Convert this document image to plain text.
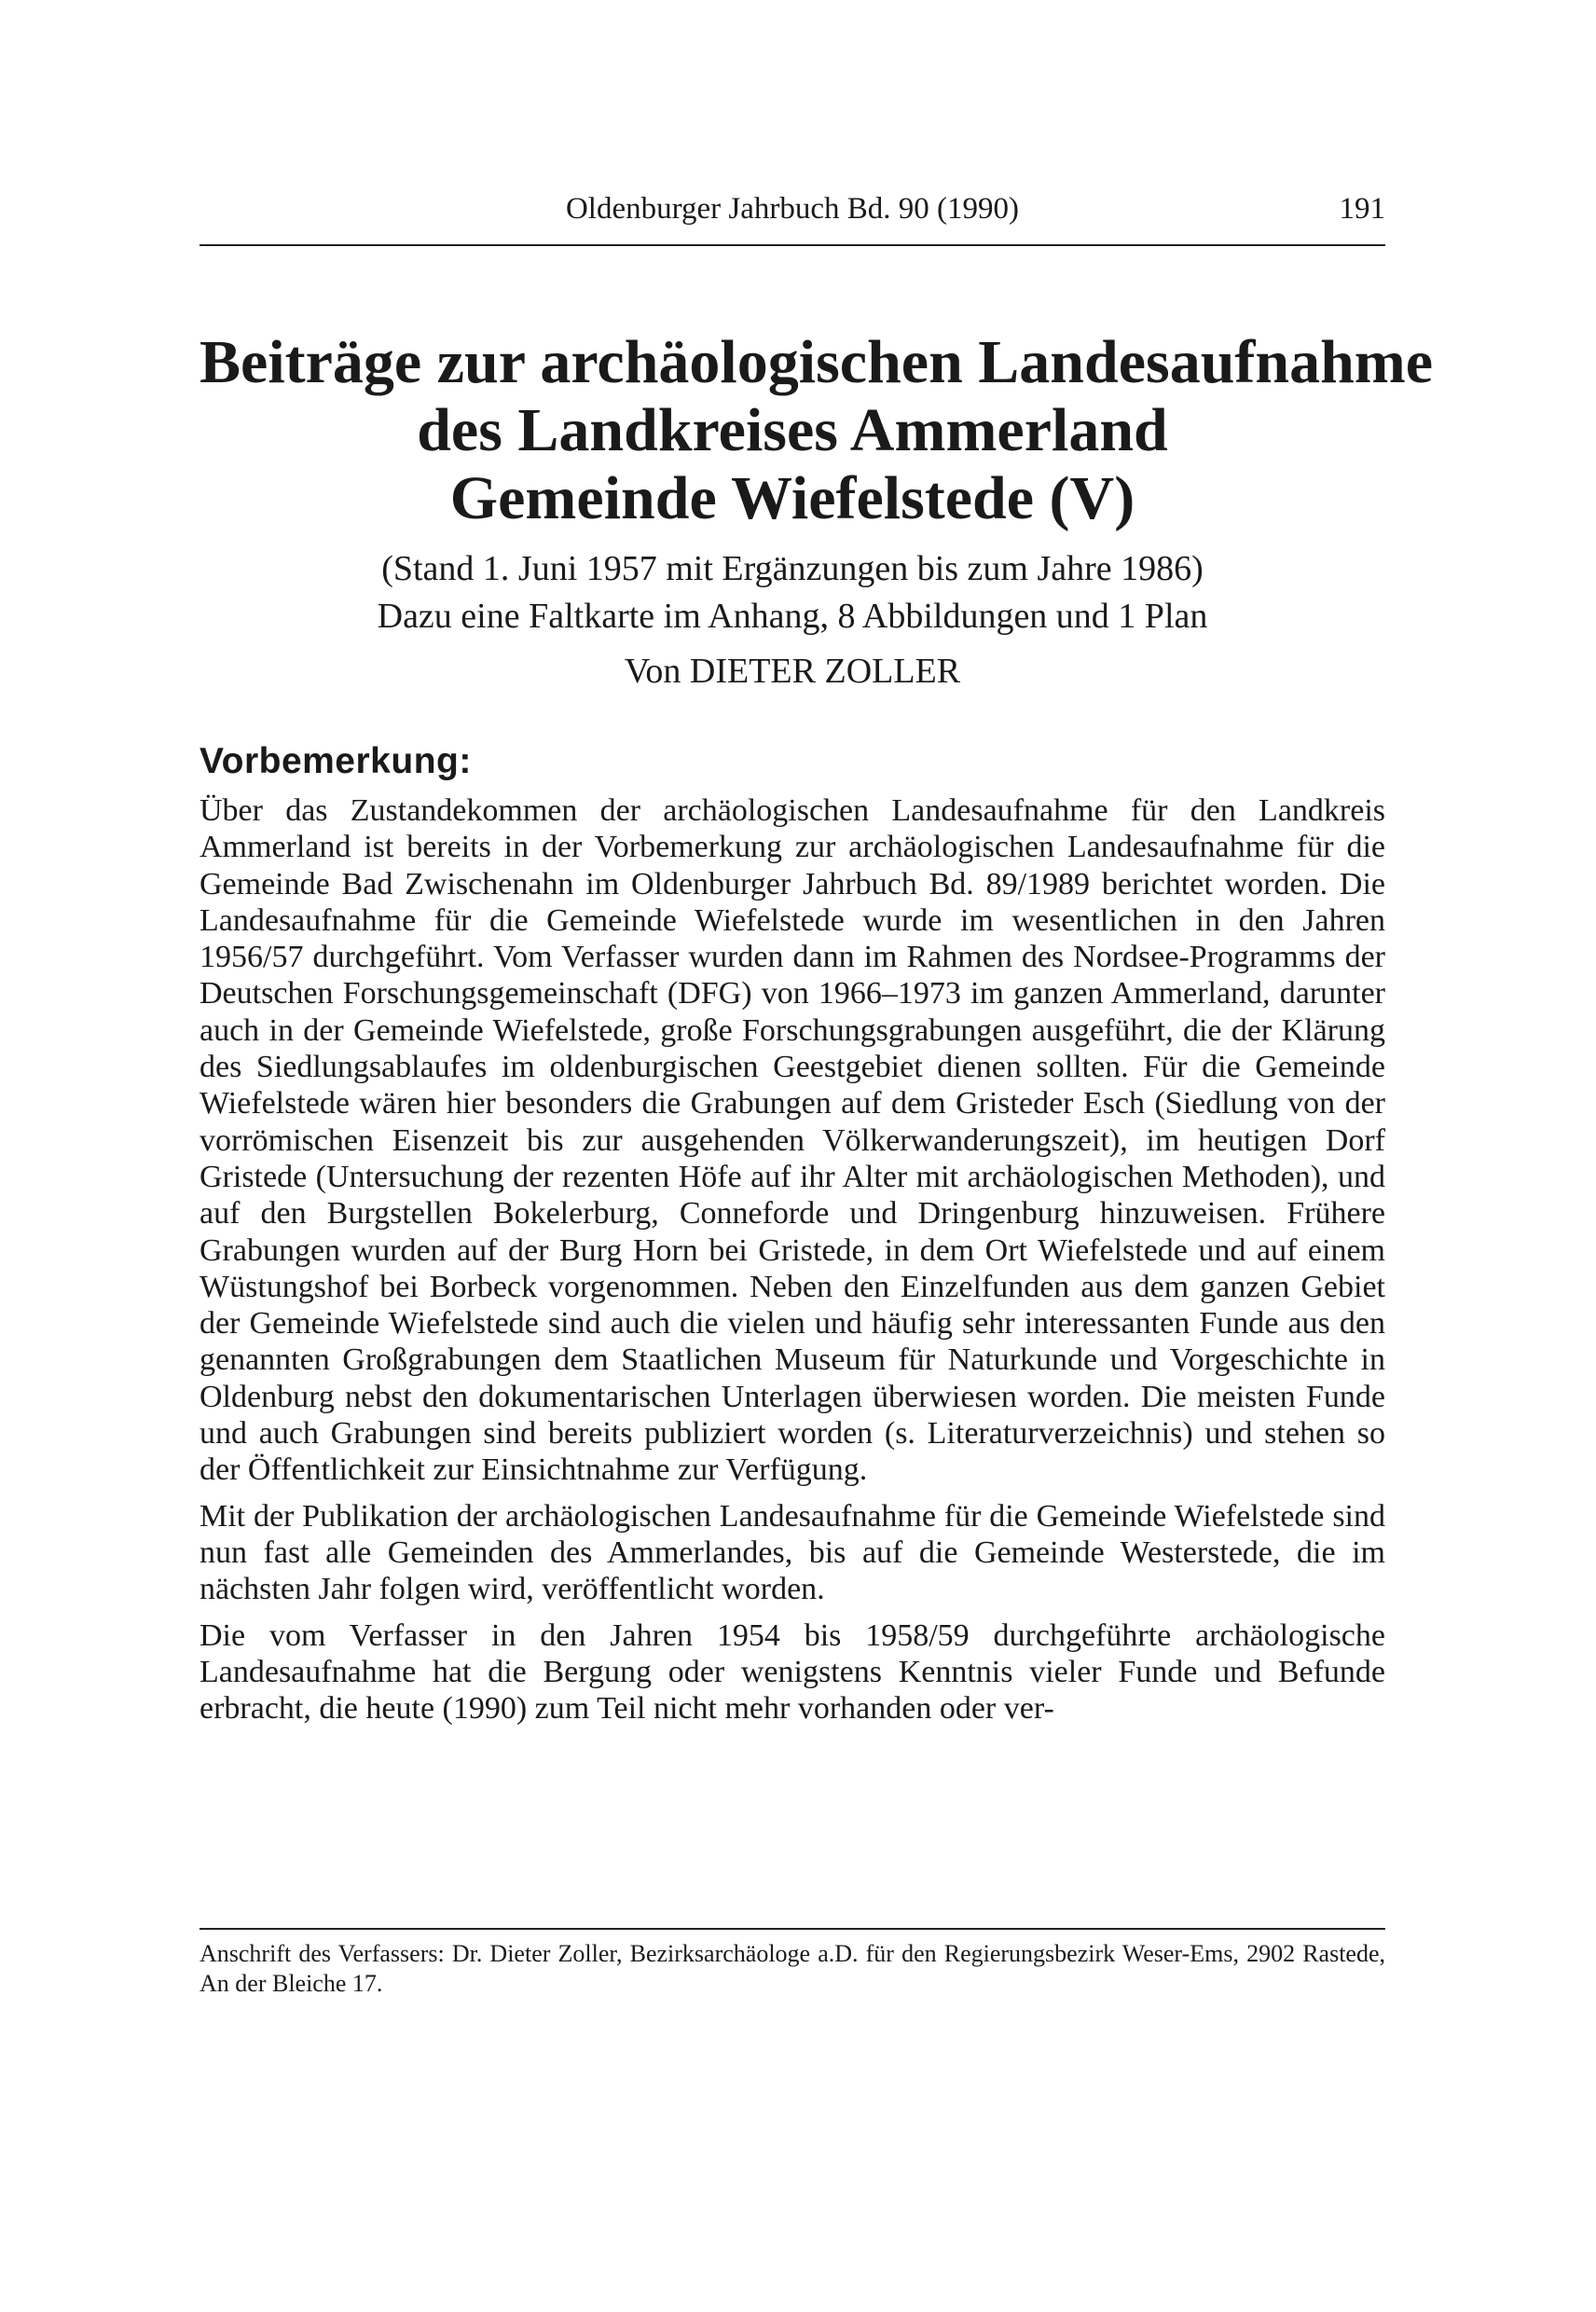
Oldenburger Jahrbuch Bd. 90 (1990)	191
Beiträge zur archäologischen Landesaufnahme
des Landkreises Ammerland
Gemeinde Wiefelstede (V)
(Stand 1. Juni 1957 mit Ergänzungen bis zum Jahre 1986)
Dazu eine Faltkarte im Anhang, 8 Abbildungen und 1 Plan
Von DIETER ZOLLER
Vorbemerkung:

Über das Zustandekommen der archäologischen Landesaufnahme für den Landkreis Ammerland ist bereits in der Vorbemerkung zur archäologischen Landesaufnahme für die Gemeinde Bad Zwischenahn im Oldenburger Jahrbuch Bd. 89/1989 berichtet worden. Die Landesaufnahme für die Gemeinde Wiefelstede wurde im wesentlichen in den Jahren 1956/57 durchgeführt. Vom Verfasser wurden dann im Rahmen des Nordsee-Programms der Deutschen Forschungsgemeinschaft (DFG) von 1966–1973 im ganzen Ammerland, darunter auch in der Gemeinde Wiefelstede, große Forschungsgrabungen ausgeführt, die der Klärung des Siedlungsablaufes im oldenburgischen Geestgebiet dienen sollten. Für die Gemeinde Wiefelstede wären hier besonders die Grabungen auf dem Gristeder Esch (Siedlung von der vorrömischen Eisenzeit bis zur ausgehenden Völkerwanderungszeit), im heutigen Dorf Gristede (Untersuchung der rezenten Höfe auf ihr Alter mit archäologischen Methoden), und auf den Burgstellen Bokelerburg, Conneforde und Dringenburg hinzuweisen. Frühere Grabungen wurden auf der Burg Horn bei Gristede, in dem Ort Wiefelstede und auf einem Wüstungshof bei Borbeck vorgenommen. Neben den Einzelfunden aus dem ganzen Gebiet der Gemeinde Wiefelstede sind auch die vielen und häufig sehr interessanten Funde aus den genannten Großgrabungen dem Staatlichen Museum für Naturkunde und Vorgeschichte in Oldenburg nebst den dokumentarischen Unterlagen überwiesen worden. Die meisten Funde und auch Grabungen sind bereits publiziert worden (s. Literaturverzeichnis) und stehen so der Öffentlichkeit zur Einsichtnahme zur Verfügung.

Mit der Publikation der archäologischen Landesaufnahme für die Gemeinde Wiefelstede sind nun fast alle Gemeinden des Ammerlandes, bis auf die Gemeinde Westerstede, die im nächsten Jahr folgen wird, veröffentlicht worden.

Die vom Verfasser in den Jahren 1954 bis 1958/59 durchgeführte archäologische Landesaufnahme hat die Bergung oder wenigstens Kenntnis vieler Funde und Befunde erbracht, die heute (1990) zum Teil nicht mehr vorhanden oder ver-

Anschrift des Verfassers: Dr. Dieter Zoller, Bezirksarchäologe a.D. für den Regierungsbezirk Weser-Ems, 2902 Rastede, An der Bleiche 17.
